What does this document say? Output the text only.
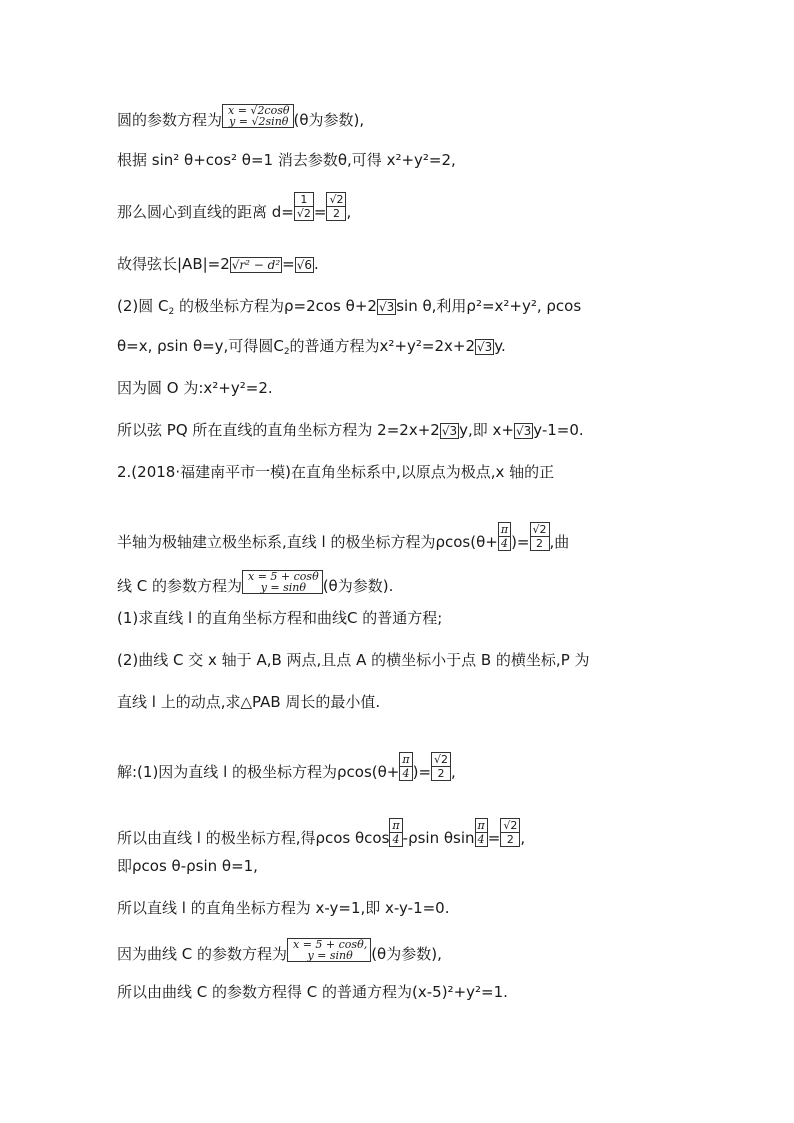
圆的参数方程为
x = √2cosθ
y = √2sinθ (θ为参数),
根据 sin² θ+cos² θ=1 消去参数θ,可得 x²+y²=2,
那么圆心到直线的距离 $d= \frac{1}{√2} = \frac{√2}{2}$ ,
故得弦长|AB|=2 √r² − d² = √6 .
(2)圆 $C_2$ 的极坐标方程为ρ=2cos θ+2 √3 sin θ,利用ρ²=x²+y², ρcos
θ=x, ρsin θ=y,可得圆$C_2$的普通方程为x²+y²=2x+2 √3 y.
因为圆 O 为:x²+y²=2.
所以弦 PQ 所在直线的直角坐标方程为 2=2x+2 √3 y,即 x+ √3 y-1=0.
2.(2018·福建南平市一模)在直角坐标系中,以原点为极点,x 轴的正
半轴为极轴建立极坐标系,直线 l 的极坐标方程为$\rho\cos(\theta+ \frac{\pi}{4}$ )= $\frac{√2}{2}$ ,曲
线 C 的参数方程为
x = 5 + cosθ
y = sinθ	(θ为参数).
(1)求直线 l 的直角坐标方程和曲线C 的普通方程;
(2)曲线 C 交 x 轴于 A,B 两点,且点 A 的横坐标小于点 B 的横坐标,P 为
直线 l 上的动点,求△PAB 周长的最小值.
解:(1)因为直线 l 的极坐标方程为$\rho\cos(\theta+ \frac{\pi}{4}$ )= $\frac{√2}{2}$ ,
所以由直线 l 的极坐标方程,得ρcos θcos $\frac{\pi}{4} -\rho\sin$ θsin $\frac{\pi}{4} = \frac{√2}{2}$ ,
即ρcos θ-ρsin θ=1,
所以直线 l 的直角坐标方程为 x-y=1,即 x-y-1=0.
因为曲线 C 的参数方程为
x = 5 + cosθ,
y = sinθ	(θ为参数),
所以由曲线 C 的参数方程得 C 的普通方程为(x-5)²+y²=1.
